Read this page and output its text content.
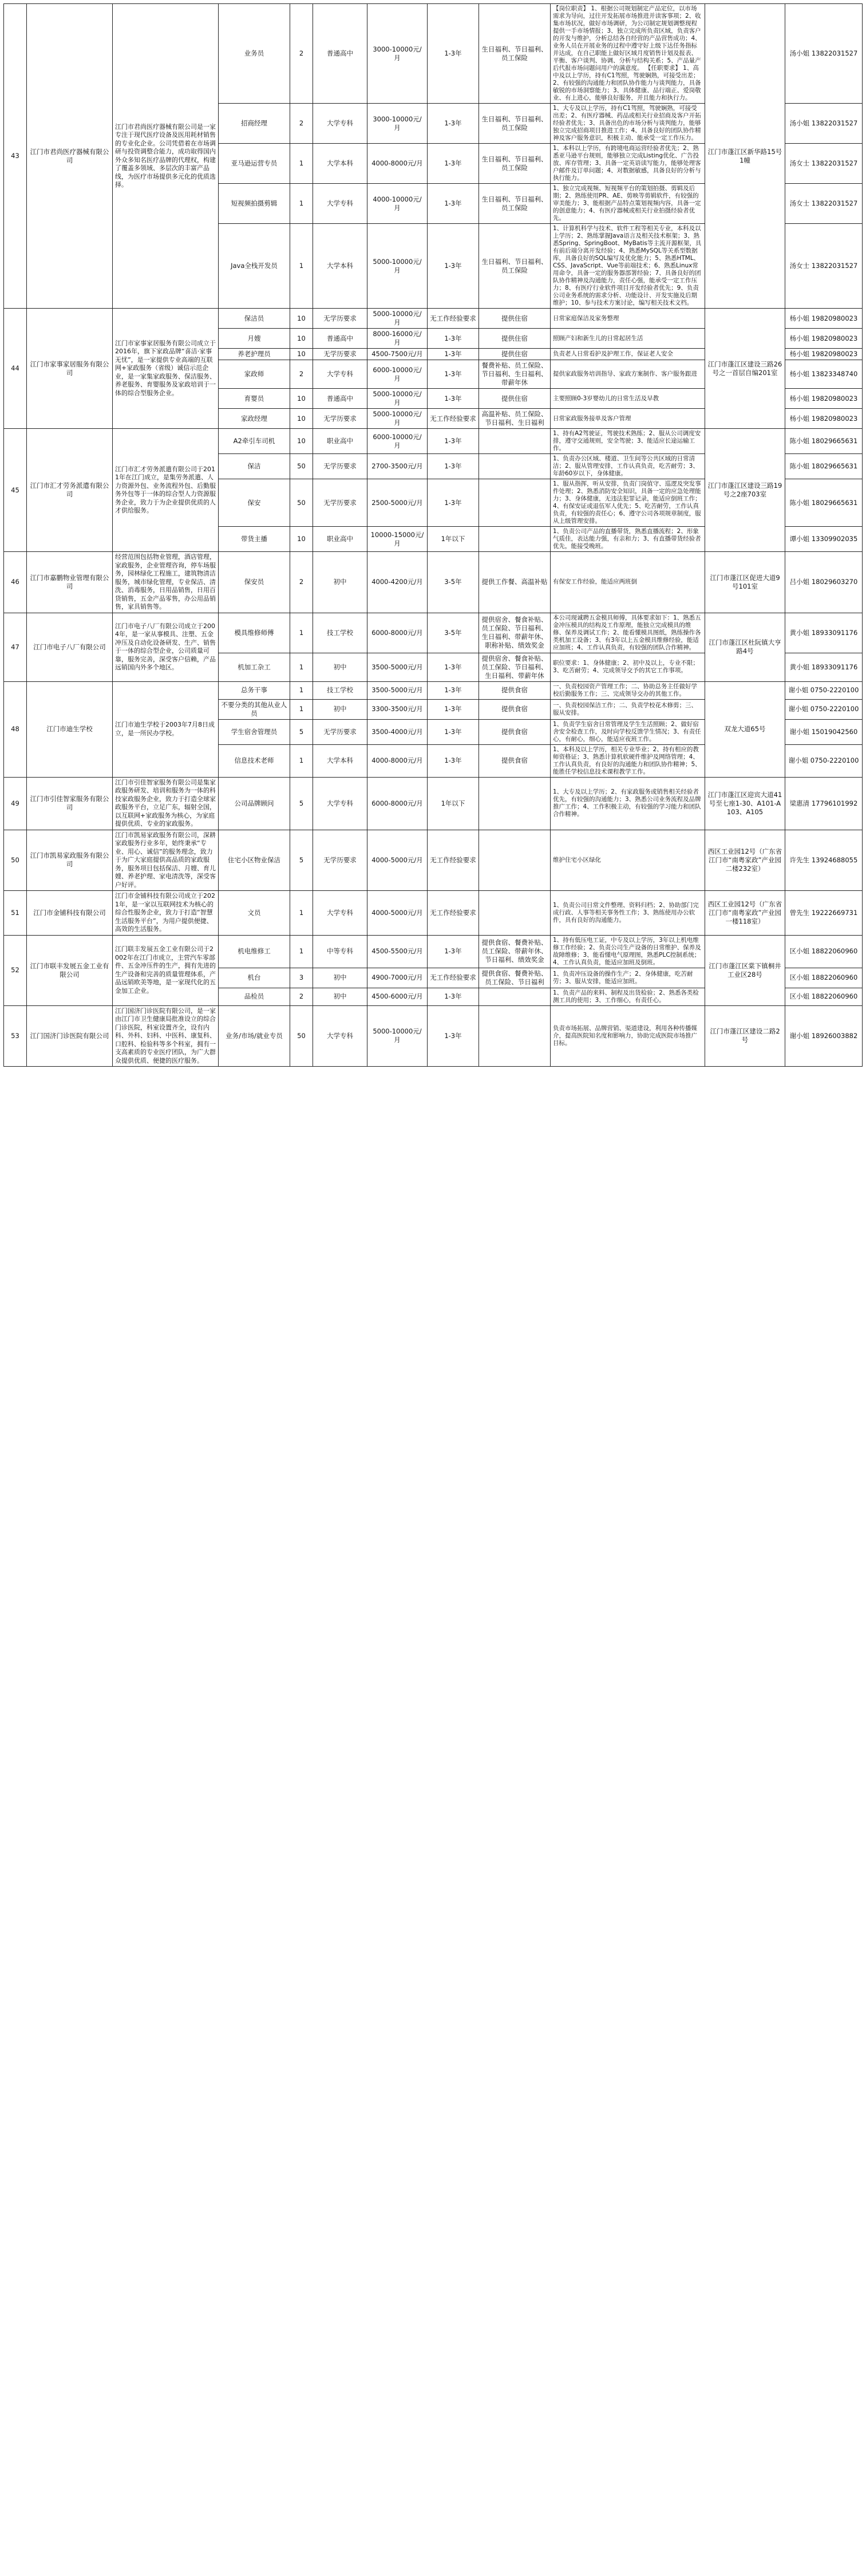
43	江门市君尚医疗器械有限公司	江门市君尚医疗器械有限公司是一家专注于现代医疗设备及医用耗材销售的专业化企业。公司凭借着在市场调研与投资调整合能力，成功取得国内外众多知名医疗品牌的代理权，构建了覆盖多领域、多层次的丰富产品线，为医疗市场提供多元化的优质选择。	业务员	2	普通高中	3000-10000元/月	1-3年	生日福利、节日福利、员工保险	【岗位职责】 1、根据公司规划制定产品定位，以市场需求为导向，过往开发拓展市场推进并读客事项；2、收集市场状况，做好市场调研，为公司制定规划调整现程提供一手市场情报；3、独立完成所负责区域，负责客户的开发与维护，分析总结各自经营的产品营售成功；4、业务人员在开展业务的过程中遵守好上级下达任务指标并达成，在自己职能上做好区域月度销售计划及报表、平衡、客户谈判、协调、分析与结构关系；5、产品量产后代报市场问题问用户的满意度。 【任职要求】 1、高中及以上学历，持有C1驾照，驾驶娴熟，可接受出差；2、有较强的沟通能力和团队协作能力与谈判能力，具备敏锐的市场洞察能力；3、具体健康、品行端正、爱岗敬业、有上进心，能够良好服务，并且能力和执行力。	江门市蓬江区新华路15号1幢	汤小姐 13822031527
			招商经理	2	大学专科	3000-10000元/月	1-3年	生日福利、节日福利、员工保险	1、大专及以上学历，持有C1驾照，驾驶娴熟，可接受出差；2、有医疗器械、药品或相关行业招商及客户开拓经验者优先；3、具备出色的市场分析与谈判能力，能够独立完成招商项目推进工作；4、具备良好的团队协作精神及客户服务意识，积极主动、能承受一定工作压力。		汤小姐 13822031527
			亚马逊运营专员	1	大学本科	4000-8000元/月	1-3年	生日福利、节日福利、员工保险	1、本科以上学历，有跨境电商运营经验者优先；2、熟悉亚马逊平台规则，能够独立完成Listing优化、广告投放、库存管理；3、具备一定英语读写能力，能够处理客户邮件及订单问题；4、对数据敏感，具备良好的分析与执行能力。		汤女士 13822031527
			短视频拍摄剪辑	1	大学专科	4000-10000元/月	1-3年	生日福利、节日福利、员工保险	1、独立完成视频、短视频平台的策划拍摄、剪辑及后期；2、熟练使用PR、AE、剪映等剪辑软件，有较强的审美能力；3、能根据产品特点策划视频内容，具备一定的创意能力；4、有医疗器械或相关行业拍摄经验者优先。		汤女士 13822031527
			Java全栈开发员	1	大学本科	5000-10000元/月	1-3年	生日福利、节日福利、员工保险	1、计算机科学与技术、软件工程等相关专业，本科及以上学历；2、熟练掌握Java语言及相关技术框架；3、熟悉Spring、SpringBoot、MyBatis等主流开源框架，具有前后端分离开发经验；4、熟悉MySQL等关系型数据库，具备良好的SQL编写及优化能力；5、熟悉HTML、CSS、JavaScript、Vue等前端技术；6、熟悉Linux常用命令，具备一定的服务器部署经验；7、具备良好的团队协作精神及沟通能力，责任心强，能承受一定工作压力；8、有医疗行业软件项目开发经验者优先；9、负责公司业务系统的需求分析、功能设计、开发实施及后期维护；10、参与技术方案讨论，编写相关技术文档。		汤女士 13822031527
44	江门市家事家居服务有限公司	江门市家事家居服务有限公司成立于2016年，旗下家政品牌“喜洁·家事无忧”，是一家提供专业高端的互联网+家政服务（省级）诚信示范企业，是一家集家政服务、保洁服务、养老服务、育婴服务及家政培训于一体的综合型服务企业。	保洁员	10	无学历要求	5000-10000元/月	无工作经验要求	提供住宿	日常家庭保洁及家务整理	江门市蓬江区建设三路26号之一首层自编201室	杨小姐 19820980023
			月嫂	10	普通高中	8000-16000元/月	1-3年	提供住宿	照顾产妇和新生儿的日常起居生活		杨小姐 19820980023
			养老护理员	10	无学历要求	4500-7500元/月	1-3年	提供住宿	负责老人日常看护及护理工作，保证老人安全		杨小姐 19820980023
			家政师	2	大学专科	6000-10000元/月	1-3年	餐费补贴、员工保险、节日福利、生日福利、带薪年休	提供家政服务培训指导、家政方案制作、客户服务跟进		杨小姐 13823348740
			育婴员	10	普通高中	5000-10000元/月	1-3年	提供住宿	主要照顾0-3岁婴幼儿的日常生活及早教		杨小姐 19820980023
			家政经理	10	无学历要求	5000-10000元/月	无工作经验要求	高温补贴、员工保险、节日福利、生日福利	日常家政服务接单及客户管理		杨小姐 19820980023
45	江门市汇才劳务派遣有限公司	江门市汇才劳务派遣有限公司于2011年在江门成立，是集劳务派遣、人力资源外包、业务流程外包、后勤服务外包等于一体的综合型人力资源服务企业，致力于为企业提供优质的人才供给服务。	A2牵引车司机	10	职业高中	6000-10000元/月	1-3年		1、持有A2驾驶证，驾驶技术熟练；2、服从公司调度安排，遵守交通规则，安全驾驶；3、能适应长途运输工作。	江门市蓬江区建设三路19号之2座703室	陈小姐 18029665631
			保洁	50	无学历要求	2700-3500元/月	1-3年		1、负责办公区域、楼道、卫生间等公共区域的日常清洁；2、服从管理安排，工作认真负责，吃苦耐劳；3、年龄60岁以下，身体健康。		陈小姐 18029665631
			保安	50	无学历要求	2500-5000元/月	1-3年		1、服从指挥，听从安排，负责门岗值守、巡逻及突发事件处理；2、熟悉消防安全知识，具备一定的应急处理能力；3、身体健康，无违法犯罪记录，能适应倒班工作；4、有保安证或退伍军人优先；5、吃苦耐劳，工作认真负责，有较强的责任心；6、遵守公司各项规章制度，服从上级管理安排。		陈小姐 18029665631
			带货主播	10	职业高中	10000-15000元/月	1年以下		1、负责公司产品的直播带货，熟悉直播流程；2、形象气质佳，表达能力强，有亲和力；3、有直播带货经验者优先，能接受晚班。		谭小姐 13309902035
46	江门市嘉鹏物业管理有限公司	经营范围包括物业管理，酒店管理，家政服务，企业管理咨询，停车场服务，园林绿化工程施工，建筑物清洁服务，城市绿化管理，专业保洁、清洗、消毒服务，日用品销售，日用百货销售，五金产品零售，办公用品销售，家具销售等。	保安员	2	初中	4000-4200元/月	3-5年	提供工作餐、高温补贴	有保安工作经验，能适应两班倒	江门市蓬江区促进大道9号101室	吕小姐 18029603270
47	江门市电子八厂有限公司	江门市电子八厂有限公司成立于2004年，是一家从事模具、注塑、五金冲压及自动化设备研发、生产、销售于一体的综合型企业，公司质量可靠，服务完善，深受客户信赖，产品远销国内外多个地区。	模具维修师傅	1	技工学校	6000-8000元/月	3-5年	提供宿舍、餐食补贴、员工保险、节日福利、生日福利、带薪年休、职称补贴、绩效奖金	本公司现诚聘五金模具师傅，具体要求如下：1、熟悉五金冲压模具的结构及工作原理，能独立完成模具的维修、保养及调试工作；2、能看懂模具图纸，熟练操作各类机加工设备；3、有3年以上五金模具维修经验，能适应加班；4、工作认真负责，有较强的团队合作精神。	江门市蓬江区杜阮镇大亨路4号	黄小姐 18933091176
			机加工杂工	1	初中	3500-5000元/月	1-3年	提供宿舍、餐食补贴、员工保险、节日福利、生日福利、带薪年休	职位要求：1、身体健康；2、初中及以上，专业不限；3、吃苦耐劳；4、完成领导交予的其它工作事项。		黄小姐 18933091176
48	江门市迪生学校	江门市迪生学校于2003年7月8日成立，是一所民办学校。	总务干事	1	技工学校	3500-5000元/月	1-3年	提供食宿	一、负责校园资产管理工作；二、协助总务主任做好学校后勤服务工作；三、完成领导交办的其他工作。	双龙大道65号	谢小姐 0750-2220100
			不要分类的其他从业人员	1	初中	3300-3500元/月	1-3年	提供食宿	一、负责校园保洁工作；二、负责学校花木修剪；三、服从安排。		谢小姐 0750-2220100
			学生宿舍管理员	5	无学历要求	3500-4000元/月	1-3年	提供食宿	1、负责学生宿舍日常管理及学生生活照顾；2、做好宿舍安全检查工作，及时向学校反馈学生情况；3、有责任心，有耐心，细心，能适应夜班工作。		谢小姐 15019042560
			信息技术老师	1	大学本科	4000-8000元/月	1-3年	提供食宿	1、本科及以上学历，相关专业毕业；2、持有相应的教师资格证；3、熟悉计算机软硬件维护及网络管理；4、工作认真负责，有良好的沟通能力和团队协作精神；5、能胜任学校信息技术课程教学工作。		谢小姐 0750-2220100
49	江门市引佳智家服务有限公司	江门市引佳智家服务有限公司是集家政服务研发、培训和服务为一体的科技家政服务企业，致力于打造全球家政服务平台，立足广东，辐射全国，以互联网+家政服务为核心，为家庭提供优质、专业的家政服务。	公司品牌顾问	5	大学专科	6000-8000元/月	1年以下		1、大专及以上学历；2、有家政服务或销售相关经验者优先，有较强的沟通能力；3、熟悉公司业务流程及品牌推广工作；4、工作积极主动，有较强的学习能力和团队合作精神。	江门市蓬江区迎宾大道41号至七座1-30、A101-A103、A105	梁惠清 17796101992
50	江门市凯易家政服务有限公司	江门市凯易家政服务有限公司，深耕家政服务行业多年，始终秉承“专业、用心、诚信”的服务理念，致力于为广大家庭提供高品质的家政服务，服务项目包括保洁、月嫂、育儿嫂、养老护理、家电清洗等，深受客户好评。	住宅小区物业保洁	5	无学历要求	4000-5000元/月	无工作经验要求		维护住宅小区绿化	西区工业园12号（广东省江门市“南粤家政”产业园二楼232室）	许先生 13924688055
51	江门市金铺科技有限公司	江门市金铺科技有限公司成立于2021年，是一家以互联网技术为核心的综合性服务企业，致力于打造“智慧生活服务平台”，为用户提供便捷、高效的生活服务。	文员	1	大学专科	4000-5000元/月	无工作经验要求		1、负责公司日常文件整理、资料归档；2、协助部门完成行政、人事等相关事务性工作；3、熟练使用办公软件，具有良好的沟通能力。	西区工业园12号（广东省江门市“南粤家政”产业园一楼118室）	曾先生 19222669731
52	江门市联丰发展五金工业有限公司	江门联丰发展五金工业有限公司于2002年在江门市成立，主营汽车零部件、五金冲压件的生产，拥有先进的生产设备和完善的质量管理体系，产品远销欧美等地，是一家现代化的五金加工企业。	机电维修工	1	中等专科	4500-5500元/月	1-3年	提供食宿、餐费补贴、员工保险、带薪年休、节日福利、绩效奖金	1、持有低压电工证，中专及以上学历，3年以上机电维修工作经验；2、负责公司生产设备的日常维护、保养及故障维修；3、能看懂电气原理图，熟悉PLC控制系统；4、工作认真负责，能适应加班及倒班。	江门市蓬江区棠下镇桐井工业区28号	区小姐 18822060960
			机台	3	初中	4900-7000元/月	无工作经验要求	提供食宿、餐费补贴、员工保险、节日福利	1、负责冲压设备的操作生产；2、身体健康，吃苦耐劳；3、服从安排，能适应加班。		区小姐 18822060960
			品检员	2	初中	4500-6000元/月	1-3年		1、负责产品的来料、制程及出货检验；2、熟悉各类检测工具的使用；3、工作细心，有责任心。		区小姐 18822060960
53	江门国济门诊医院有限公司	江门国济门诊医院有限公司，是一家由江门市卫生健康局批准设立的综合门诊医院，科室设置齐全，设有内科、外科、妇科、中医科、康复科、口腔科、检验科等多个科室，拥有一支高素质的专业医疗团队，为广大群众提供优质、便捷的医疗服务。	业务/市场/就业专员	50	大学专科	5000-10000元/月	1-3年		负责市场拓展、品牌营销、渠道建设，利用各种传播媒介，提高医院知名度和影响力，协助完成医院市场推广目标。	江门市蓬江区建设二路2号	谢小姐 18926003882
